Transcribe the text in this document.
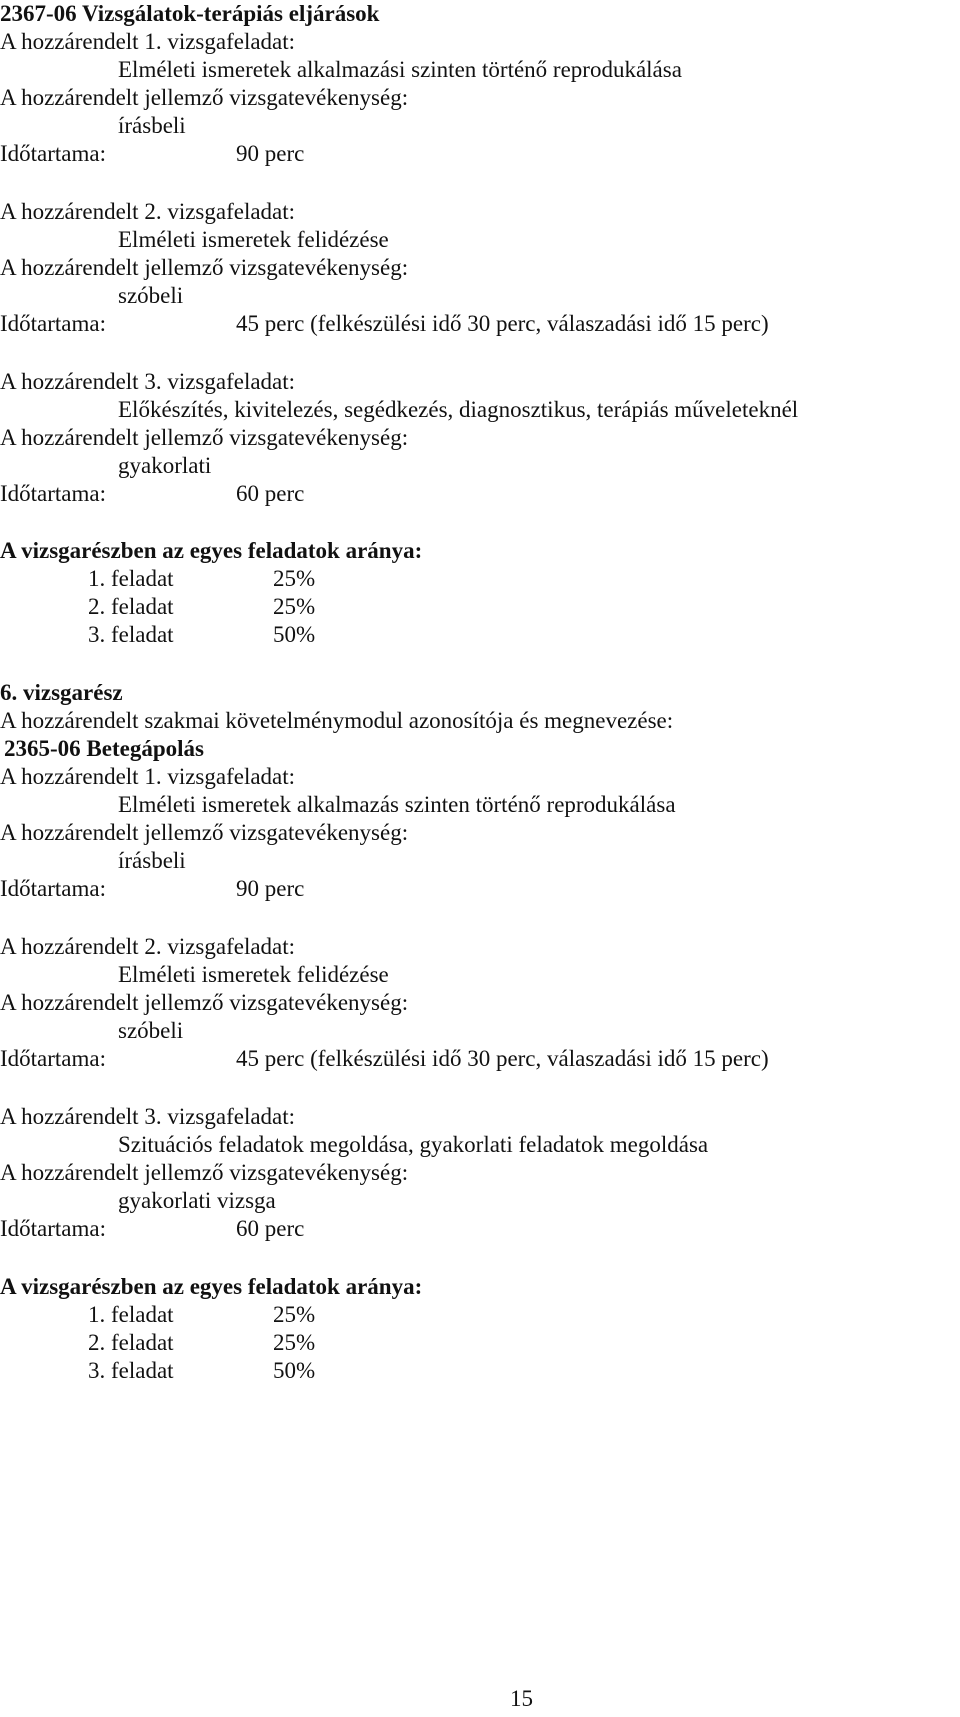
2367-06 Vizsgálatok-terápiás eljárások
A hozzárendelt 1. vizsgafeladat:
Elméleti ismeretek alkalmazási szinten történő reprodukálása
A hozzárendelt jellemző vizsgatevékenység:
írásbeli
Időtartama:	90 perc
A hozzárendelt 2. vizsgafeladat:
Elméleti ismeretek felidézése
A hozzárendelt jellemző vizsgatevékenység:
szóbeli
Időtartama:	45 perc (felkészülési idő 30 perc, válaszadási idő 15 perc)
A hozzárendelt 3. vizsgafeladat:
Előkészítés, kivitelezés, segédkezés, diagnosztikus, terápiás műveleteknél
A hozzárendelt jellemző vizsgatevékenység:
gyakorlati
Időtartama:	60 perc
A vizsgarészben az egyes feladatok aránya:
1. feladat	25%
2. feladat	25%
3. feladat	50%
6. vizsgarész
A hozzárendelt szakmai követelménymodul azonosítója és megnevezése:
2365-06 Betegápolás
A hozzárendelt 1. vizsgafeladat:
Elméleti ismeretek alkalmazás szinten történő reprodukálása
A hozzárendelt jellemző vizsgatevékenység:
írásbeli
Időtartama:	90 perc
A hozzárendelt 2. vizsgafeladat:
Elméleti ismeretek felidézése
A hozzárendelt jellemző vizsgatevékenység:
szóbeli
Időtartama:	45 perc (felkészülési idő 30 perc, válaszadási idő 15 perc)
A hozzárendelt 3. vizsgafeladat:
Szituációs feladatok megoldása, gyakorlati feladatok megoldása
A hozzárendelt jellemző vizsgatevékenység:
gyakorlati vizsga
Időtartama:	60 perc
A vizsgarészben az egyes feladatok aránya:
1. feladat	25%
2. feladat	25%
3. feladat	50%
15
